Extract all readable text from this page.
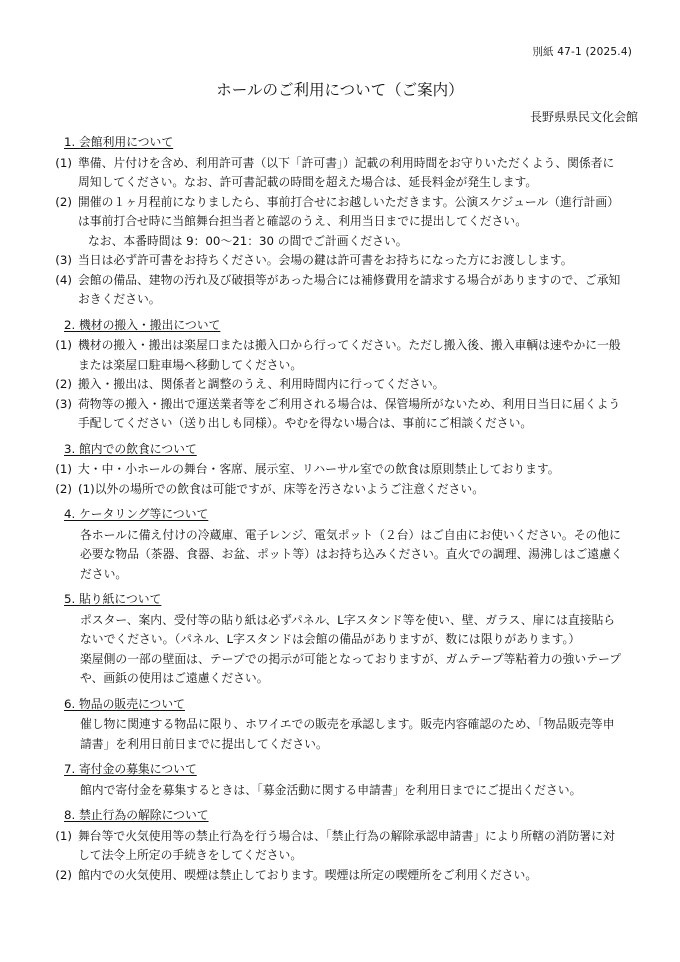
別紙 47-1 (2025.4)
ホールのご利用について（ご案内）
長野県県民文化会館
1. 会館利用について
(1) 準備、片付けを含め、利用許可書（以下「許可書」）記載の利用時間をお守りいただくよう、関係者に周知してください。なお、許可書記載の時間を超えた場合は、延長料金が発生します。
(2) 開催の１ヶ月程前になりましたら、事前打合せにお越しいただきます。公演スケジュール（進行計画）は事前打合せ時に当館舞台担当者と確認のうえ、利用当日までに提出してください。
なお、本番時間は 9：00〜21：30 の間でご計画ください。
(3) 当日は必ず許可書をお持ちください。会場の鍵は許可書をお持ちになった方にお渡しします。
(4) 会館の備品、建物の汚れ及び破損等があった場合には補修費用を請求する場合がありますので、ご承知おきください。
2. 機材の搬入・搬出について
(1) 機材の搬入・搬出は楽屋口または搬入口から行ってください。ただし搬入後、搬入車輌は速やかに一般または楽屋口駐車場へ移動してください。
(2) 搬入・搬出は、関係者と調整のうえ、利用時間内に行ってください。
(3) 荷物等の搬入・搬出で運送業者等をご利用される場合は、保管場所がないため、利用日当日に届くよう手配してください（送り出しも同様）。やむを得ない場合は、事前にご相談ください。
3. 館内での飲食について
(1) 大・中・小ホールの舞台・客席、展示室、リハーサル室での飲食は原則禁止しております。
(2) (1)以外の場所での飲食は可能ですが、床等を汚さないようご注意ください。
4. ケータリング等について
各ホールに備え付けの冷蔵庫、電子レンジ、電気ポット（２台）はご自由にお使いください。その他に必要な物品（茶器、食器、お盆、ポット等）はお持ち込みください。直火での調理、湯沸しはご遠慮ください。
5. 貼り紙について
ポスター、案内、受付等の貼り紙は必ずパネル、L字スタンド等を使い、壁、ガラス、扉には直接貼らないでください。（パネル、L字スタンドは会館の備品がありますが、数には限りがあります。）
楽屋側の一部の壁面は、テープでの掲示が可能となっておりますが、ガムテープ等粘着力の強いテープや、画鋲の使用はご遠慮ください。
6. 物品の販売について
催し物に関連する物品に限り、ホワイエでの販売を承認します。販売内容確認のため、「物品販売等申請書」を利用日前日までに提出してください。
7. 寄付金の募集について
館内で寄付金を募集するときは、「募金活動に関する申請書」を利用日までにご提出ください。
8. 禁止行為の解除について
(1) 舞台等で火気使用等の禁止行為を行う場合は、「禁止行為の解除承認申請書」により所轄の消防署に対して法令上所定の手続きをしてください。
(2) 館内での火気使用、喫煙は禁止しております。喫煙は所定の喫煙所をご利用ください。
